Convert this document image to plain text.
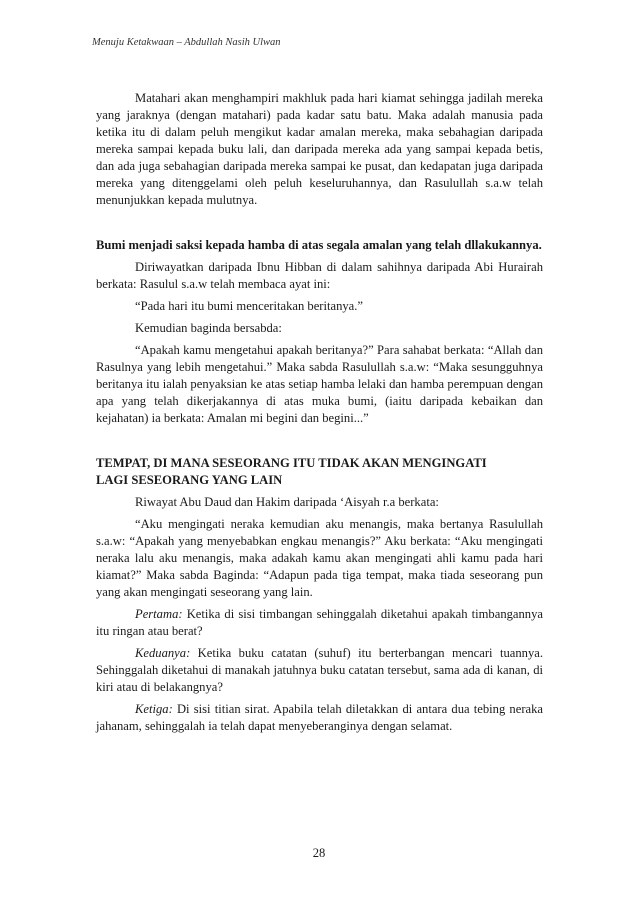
Menuju Ketakwaan – Abdullah Nasih Ulwan

Matahari akan menghampiri makhluk pada hari kiamat sehingga jadilah mereka yang jaraknya (dengan matahari) pada kadar satu batu. Maka adalah manusia pada ketika itu di dalam peluh mengikut kadar amalan mereka, maka sebahagian daripada mereka sampai kepada buku lali, dan daripada mereka ada yang sampai kepada betis, dan ada juga sebahagian daripada mereka sampai ke pusat, dan kedapatan juga daripada mereka yang ditenggelami oleh peluh keseluruhannya, dan Rasulullah s.a.w telah menunjukkan kepada mulutnya.

Bumi menjadi saksi kepada hamba di atas segala amalan yang telah dllakukannya.

Diriwayatkan daripada Ibnu Hibban di dalam sahihnya daripada Abi Hurairah berkata: Rasulul s.a.w telah membaca ayat ini:

“Pada hari itu bumi menceritakan beritanya.”

Kemudian baginda bersabda:

“Apakah kamu mengetahui apakah beritanya?” Para sahabat berkata: “Allah dan Rasulnya yang lebih mengetahui.” Maka sabda Rasulullah s.a.w: “Maka sesungguhnya beritanya itu ialah penyaksian ke atas setiap hamba lelaki dan hamba perempuan dengan apa yang telah dikerjakannya di atas muka bumi, (iaitu daripada kebaikan dan kejahatan) ia berkata: Amalan mi begini dan begini...”

TEMPAT, DI MANA SESEORANG ITU TIDAK AKAN MENGINGATI
LAGI SESEORANG YANG LAIN

Riwayat Abu Daud dan Hakim daripada ‘Aisyah r.a berkata:

“Aku mengingati neraka kemudian aku menangis, maka bertanya Rasulullah s.a.w: “Apakah yang menyebabkan engkau menangis?” Aku berkata: “Aku mengingati neraka lalu aku menangis, maka adakah kamu akan mengingati ahli kamu pada hari kiamat?” Maka sabda Baginda: “Adapun pada tiga tempat, maka tiada seseorang pun yang akan mengingati seseorang yang lain.

Pertama: Ketika di sisi timbangan sehinggalah diketahui apakah timbangannya itu ringan atau berat?

Keduanya: Ketika buku catatan (suhuf) itu berterbangan mencari tuannya. Sehinggalah diketahui di manakah jatuhnya buku catatan tersebut, sama ada di kanan, di kiri atau di belakangnya?

Ketiga: Di sisi titian sirat. Apabila telah diletakkan di antara dua tebing neraka jahanam, sehinggalah ia telah dapat menyeberanginya dengan selamat.

28
